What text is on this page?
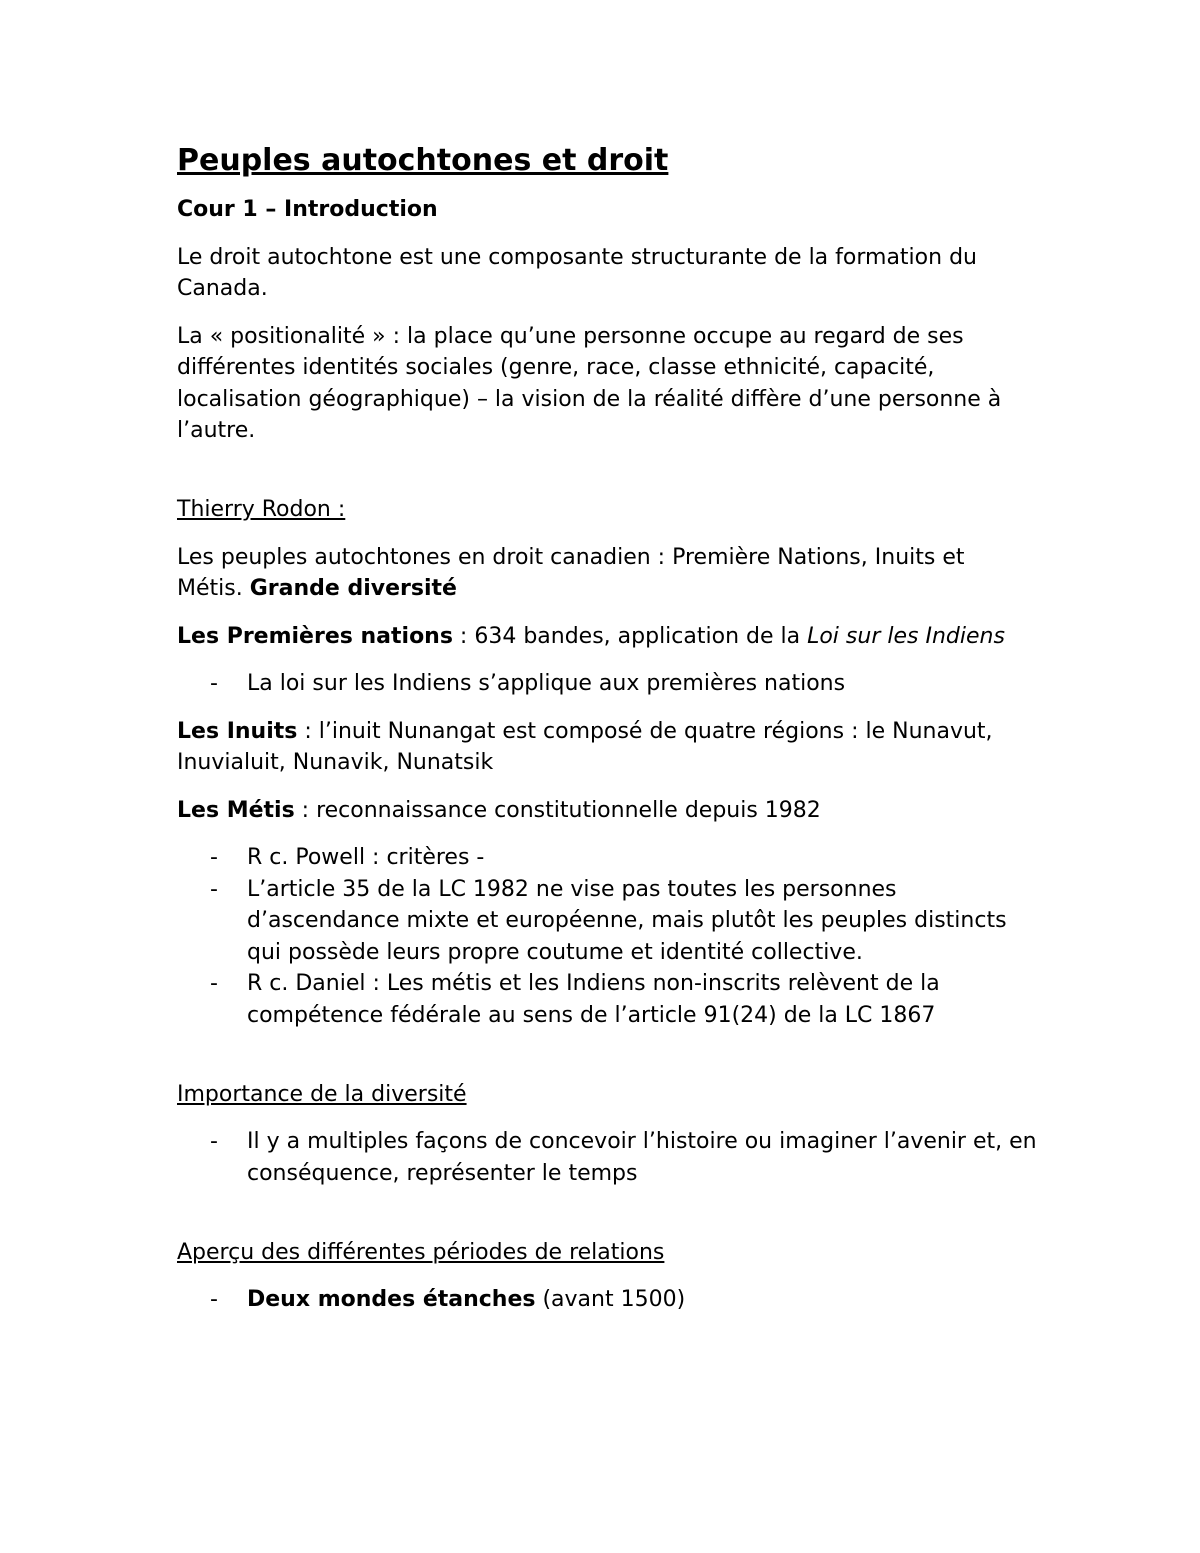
Peuples autochtones et droit
Cour 1 – Introduction

Le droit autochtone est une composante structurante de la formation du Canada.

La « positionalité » : la place qu’une personne occupe au regard de ses différentes identités sociales (genre, race, classe ethnicité, capacité, localisation géographique) – la vision de la réalité diffère d’une personne à l’autre.

Thierry Rodon :

Les peuples autochtones en droit canadien : Première Nations, Inuits et Métis. Grande diversité

Les Premières nations : 634 bandes, application de la Loi sur les Indiens

- La loi sur les Indiens s’applique aux premières nations

Les Inuits : l’inuit Nunangat est composé de quatre régions : le Nunavut, Inuvialuit, Nunavik, Nunatsik

Les Métis : reconnaissance constitutionnelle depuis 1982

- R c. Powell : critères -
- L’article 35 de la LC 1982 ne vise pas toutes les personnes d’ascendance mixte et européenne, mais plutôt les peuples distincts qui possède leurs propre coutume et identité collective.
- R c. Daniel : Les métis et les Indiens non-inscrits relèvent de la compétence fédérale au sens de l’article 91(24) de la LC 1867

Importance de la diversité

- Il y a multiples façons de concevoir l’histoire ou imaginer l’avenir et, en conséquence, représenter le temps

Aperçu des différentes périodes de relations

- Deux mondes étanches (avant 1500)
